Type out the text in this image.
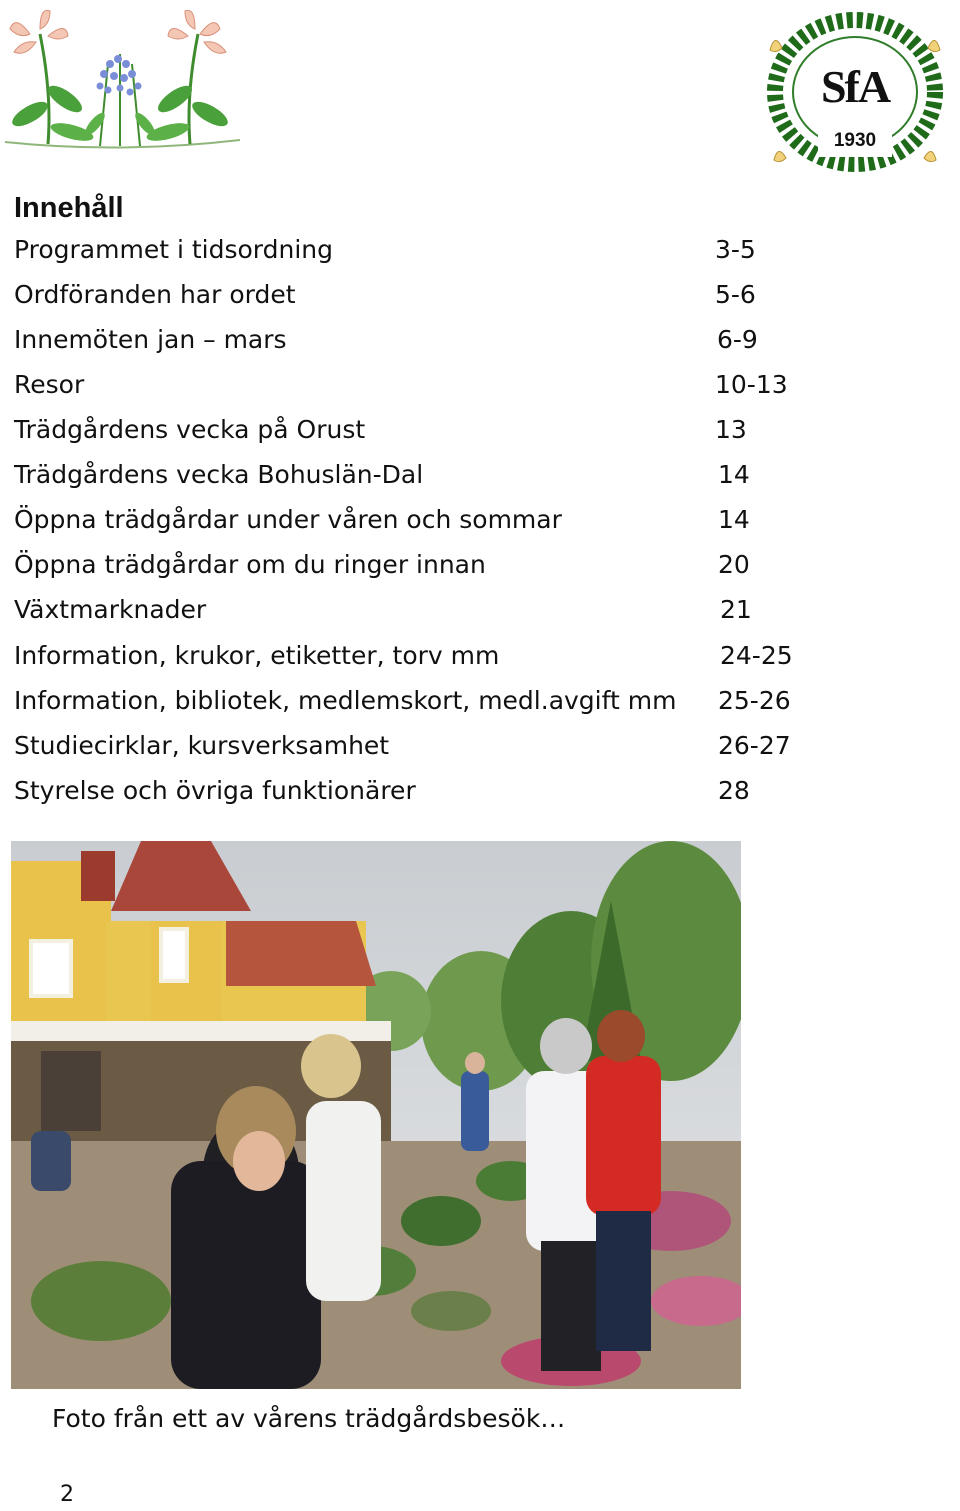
SfA
1930
Innehåll
Programmet i tidsordning	3-5
Ordföranden har ordet	5-6
Innemöten jan – mars	6-9
Resor	10-13
Trädgårdens vecka på Orust	13
Trädgårdens vecka Bohuslän-Dal	14
Öppna trädgårdar under våren och sommar	14
Öppna trädgårdar om du ringer innan	20
Växtmarknader	21
Information, krukor, etiketter, torv mm	24-25
Information, bibliotek, medlemskort, medl.avgift mm 25-26
Studiecirklar, kursverksamhet	26-27
Styrelse och övriga funktionärer	28
Foto från ett av vårens trädgårdsbesök…
2
